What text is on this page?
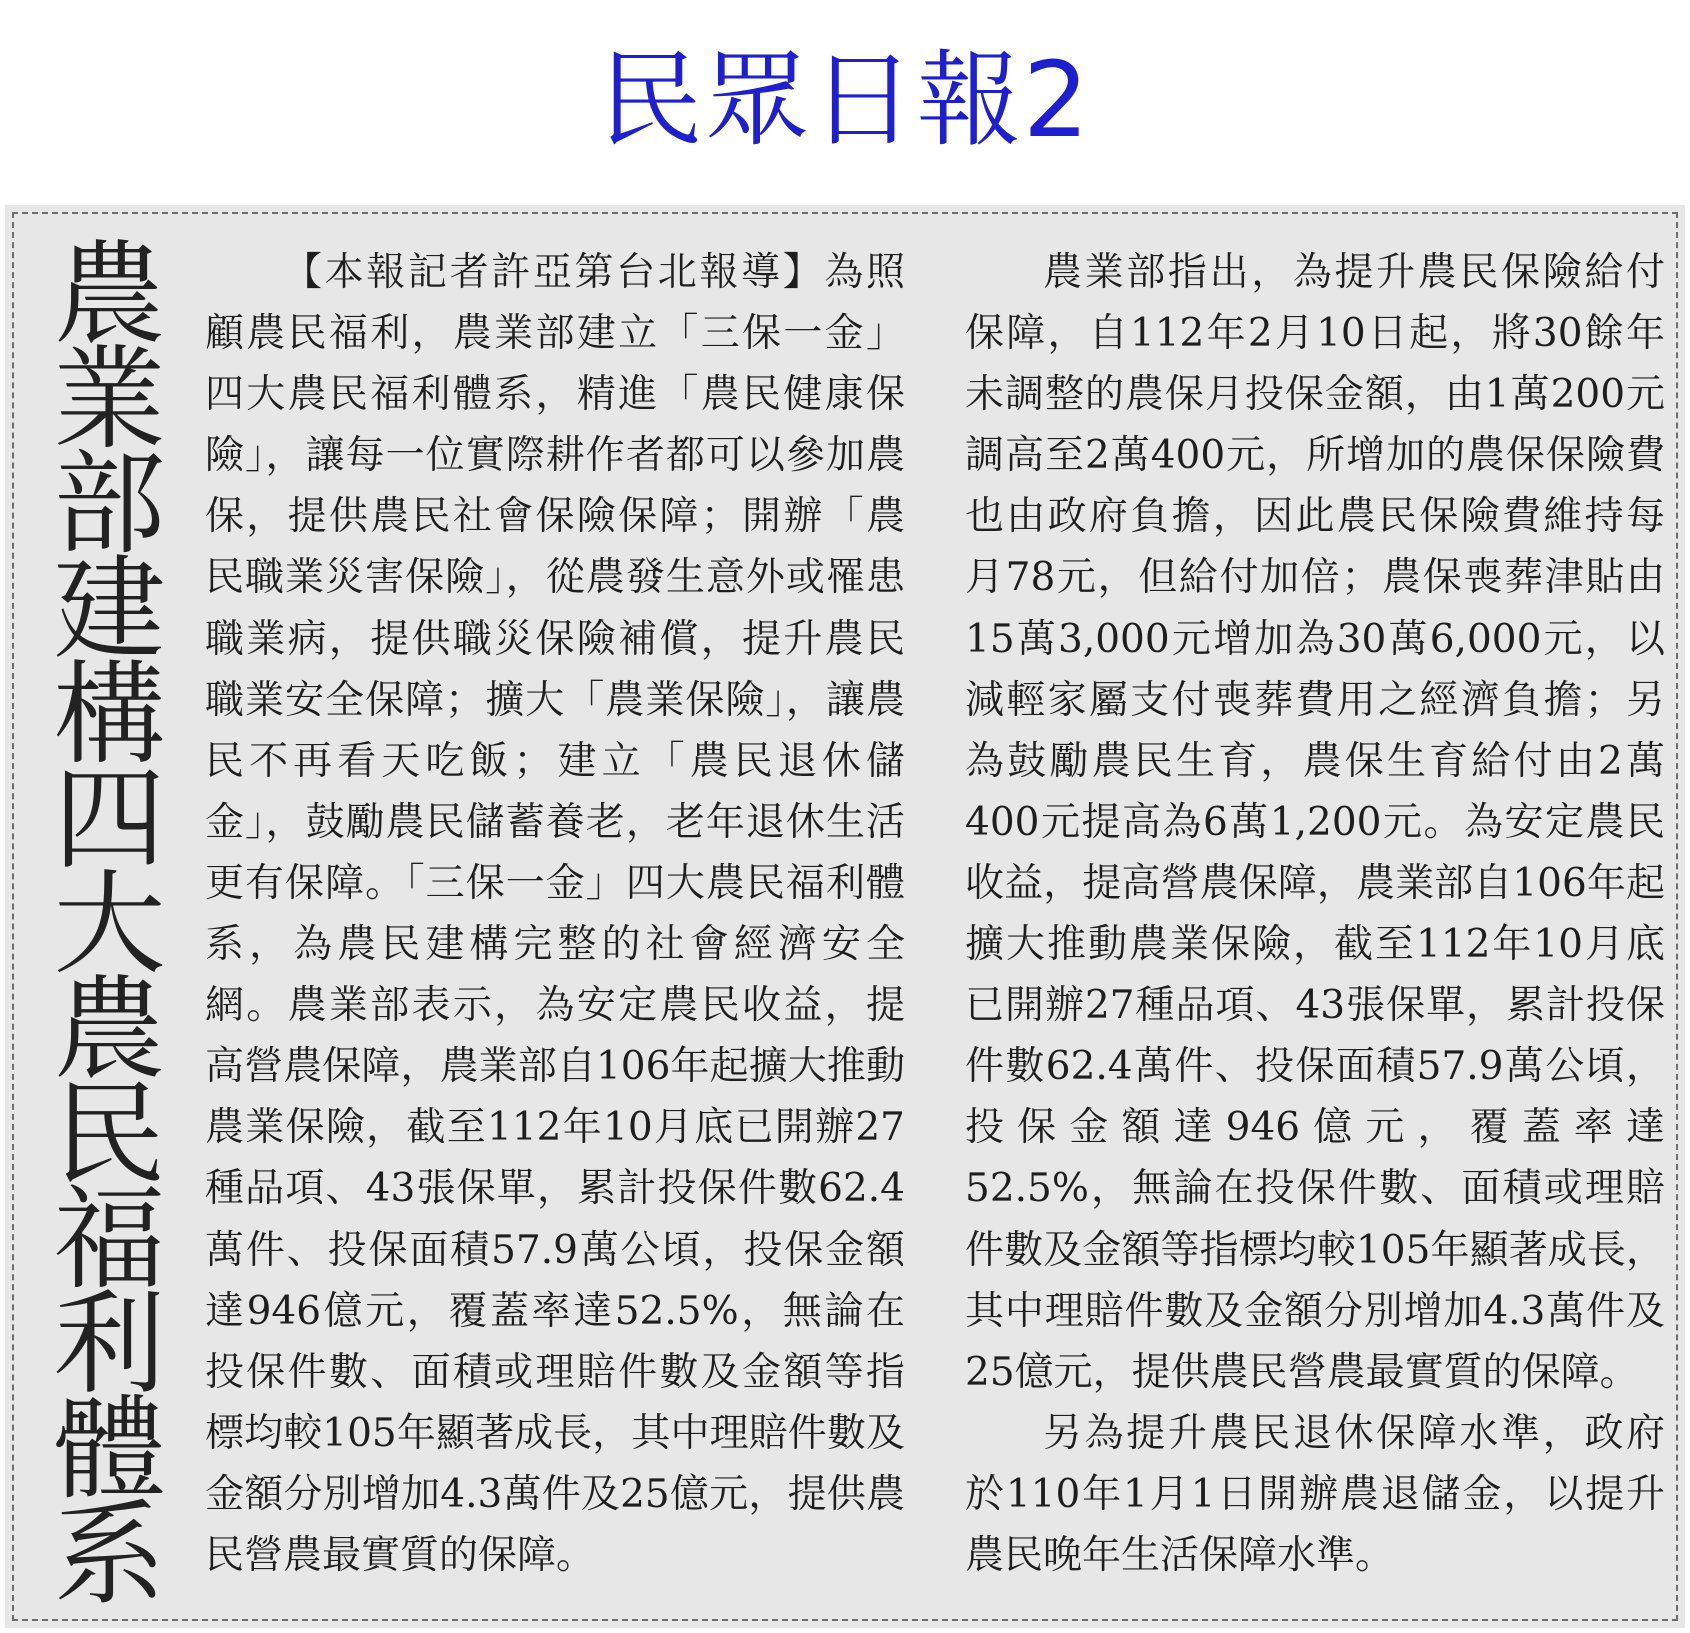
民眾日報2
農
業
部
建
構
四
大
農
民
福
利
體
系

【本報記者許亞第台北報導】為照顧農民福利，農業部建立「三保一金」四大農民福利體系，精進「農民健康保險」，讓每一位實際耕作者都可以參加農保，提供農民社會保險保障；開辦「農民職業災害保險」，從農發生意外或罹患職業病，提供職災保險補償，提升農民職業安全保障；擴大「農業保險」，讓農民不再看天吃飯；建立「農民退休儲金」，鼓勵農民儲蓄養老，老年退休生活更有保障。「三保一金」四大農民福利體系，為農民建構完整的社會經濟安全網。農業部表示，為安定農民收益，提高營農保障，農業部自106年起擴大推動農業保險，截至112年10月底已開辦27種品項、43張保單，累計投保件數62.4萬件、投保面積57.9萬公頃，投保金額達946億元，覆蓋率達52.5%，無論在投保件數、面積或理賠件數及金額等指標均較105年顯著成長，其中理賠件數及金額分別增加4.3萬件及25億元，提供農民營農最實質的保障。

農業部指出，為提升農民保險給付保障，自112年2月10日起，將30餘年未調整的農保月投保金額，由1萬200元調高至2萬400元，所增加的農保保險費也由政府負擔，因此農民保險費維持每月78元，但給付加倍；農保喪葬津貼由15萬3,000元增加為30萬6,000元，以減輕家屬支付喪葬費用之經濟負擔；另為鼓勵農民生育，農保生育給付由2萬400元提高為6萬1,200元。為安定農民收益，提高營農保障，農業部自106年起擴大推動農業保險，截至112年10月底已開辦27種品項、43張保單，累計投保件數62.4萬件、投保面積57.9萬公頃，投保金額達946億元，覆蓋率達52.5%，無論在投保件數、面積或理賠件數及金額等指標均較105年顯著成長，其中理賠件數及金額分別增加4.3萬件及25億元，提供農民營農最實質的保障。

另為提升農民退休保障水準，政府於110年1月1日開辦農退儲金，以提升農民晚年生活保障水準。
